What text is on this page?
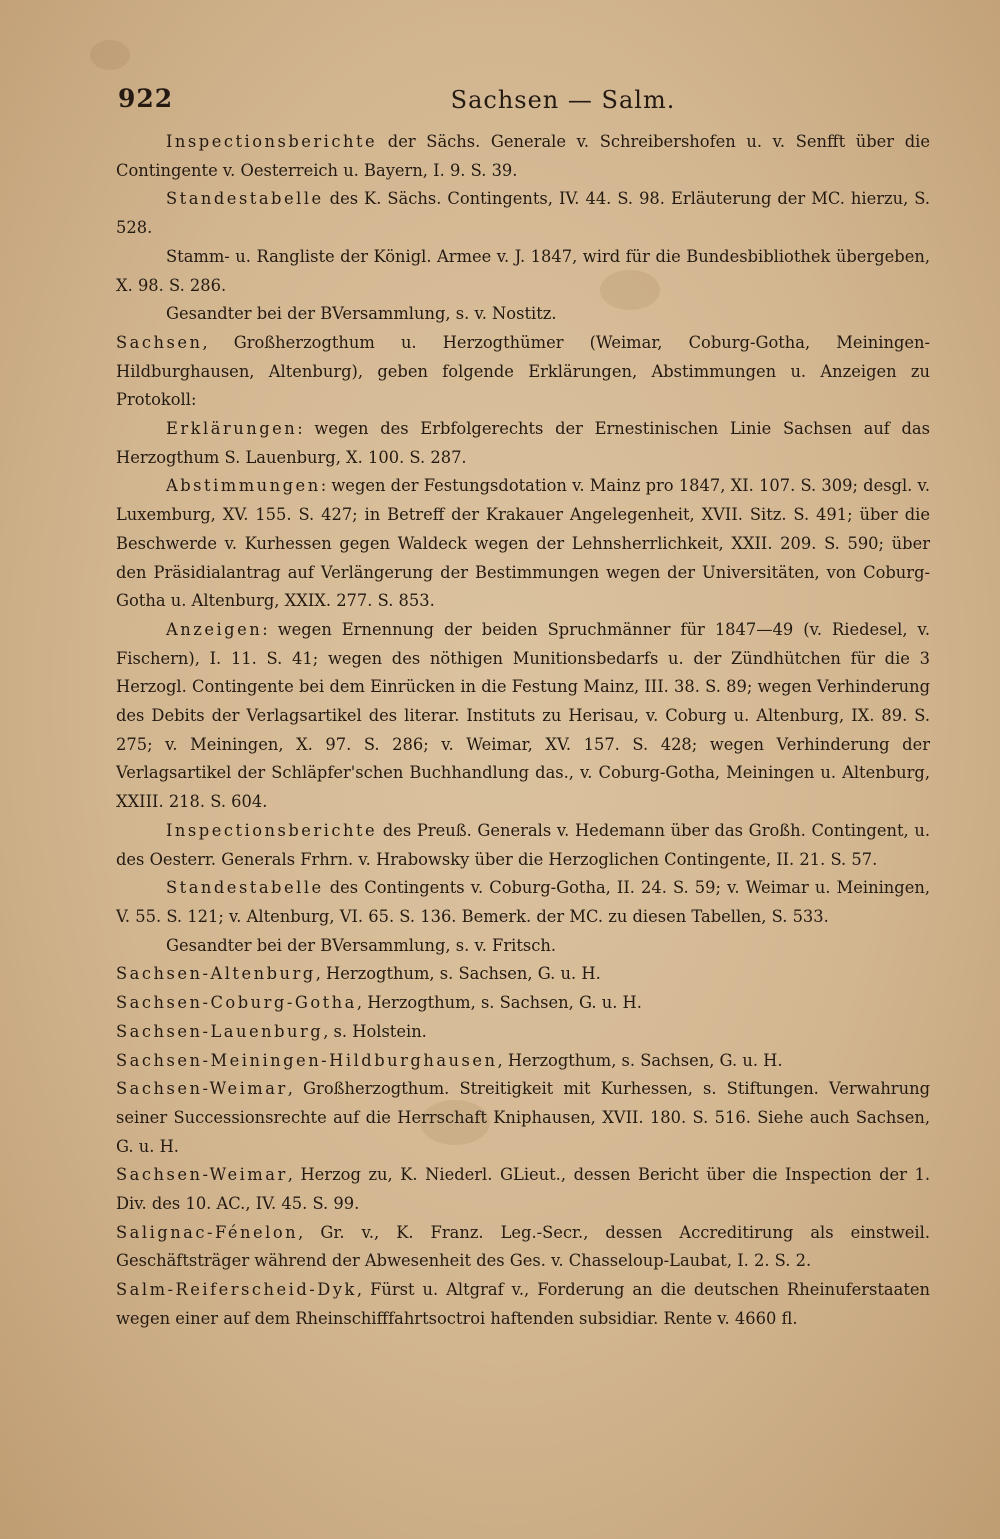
922	Sachsen — Salm.

Inspectionsberichte der Sächs. Generale v. Schreibershofen u. v. Senfft über die Contingente v. Oesterreich u. Bayern, I. 9. S. 39.

Standestabelle des K. Sächs. Contingents, IV. 44. S. 98. Erläuterung der MC. hierzu, S. 528.

Stamm- u. Rangliste der Königl. Armee v. J. 1847, wird für die Bundesbibliothek übergeben, X. 98. S. 286.

Gesandter bei der BVersammlung, s. v. Nostitz.

Sachsen, Großherzogthum u. Herzogthümer (Weimar, Coburg-Gotha, Meiningen-Hildburghausen, Altenburg), geben folgende Erklärungen, Abstimmungen u. Anzeigen zu Protokoll:

Erklärungen: wegen des Erbfolgerechts der Ernestinischen Linie Sachsen auf das Herzogthum S. Lauenburg, X. 100. S. 287.

Abstimmungen: wegen der Festungsdotation v. Mainz pro 1847, XI. 107. S. 309; desgl. v. Luxemburg, XV. 155. S. 427; in Betreff der Krakauer Angelegenheit, XVII. Sitz. S. 491; über die Beschwerde v. Kurhessen gegen Waldeck wegen der Lehnsherrlichkeit, XXII. 209. S. 590; über den Präsidialantrag auf Verlängerung der Bestimmungen wegen der Universitäten, von Coburg-Gotha u. Altenburg, XXIX. 277. S. 853.

Anzeigen: wegen Ernennung der beiden Spruchmänner für 1847—49 (v. Riedesel, v. Fischern), I. 11. S. 41; wegen des nöthigen Munitionsbedarfs u. der Zündhütchen für die 3 Herzogl. Contingente bei dem Einrücken in die Festung Mainz, III. 38. S. 89; wegen Verhinderung des Debits der Verlagsartikel des literar. Instituts zu Herisau, v. Coburg u. Altenburg, IX. 89. S. 275; v. Meiningen, X. 97. S. 286; v. Weimar, XV. 157. S. 428; wegen Verhinderung der Verlagsartikel der Schläpfer'schen Buchhandlung das., v. Coburg-Gotha, Meiningen u. Altenburg, XXIII. 218. S. 604.

Inspectionsberichte des Preuß. Generals v. Hedemann über das Großh. Contingent, u. des Oesterr. Generals Frhrn. v. Hrabowsky über die Herzoglichen Contingente, II. 21. S. 57.

Standestabelle des Contingents v. Coburg-Gotha, II. 24. S. 59; v. Weimar u. Meiningen, V. 55. S. 121; v. Altenburg, VI. 65. S. 136. Bemerk. der MC. zu diesen Tabellen, S. 533.

Gesandter bei der BVersammlung, s. v. Fritsch.

Sachsen-Altenburg, Herzogthum, s. Sachsen, G. u. H.

Sachsen-Coburg-Gotha, Herzogthum, s. Sachsen, G. u. H.

Sachsen-Lauenburg, s. Holstein.

Sachsen-Meiningen-Hildburghausen, Herzogthum, s. Sachsen, G. u. H.

Sachsen-Weimar, Großherzogthum. Streitigkeit mit Kurhessen, s. Stiftungen. Verwahrung seiner Successionsrechte auf die Herrschaft Kniphausen, XVII. 180. S. 516. Siehe auch Sachsen, G. u. H.

Sachsen-Weimar, Herzog zu, K. Niederl. GLieut., dessen Bericht über die Inspection der 1. Div. des 10. AC., IV. 45. S. 99.

Salignac-Fénelon, Gr. v., K. Franz. Leg.-Secr., dessen Accreditirung als einstweil. Geschäftsträger während der Abwesenheit des Ges. v. Chasseloup-Laubat, I. 2. S. 2.

Salm-Reiferscheid-Dyk, Fürst u. Altgraf v., Forderung an die deutschen Rheinuferstaaten wegen einer auf dem Rheinschifffahrtsoctroi haftenden subsidiar. Rente v. 4660 fl.
